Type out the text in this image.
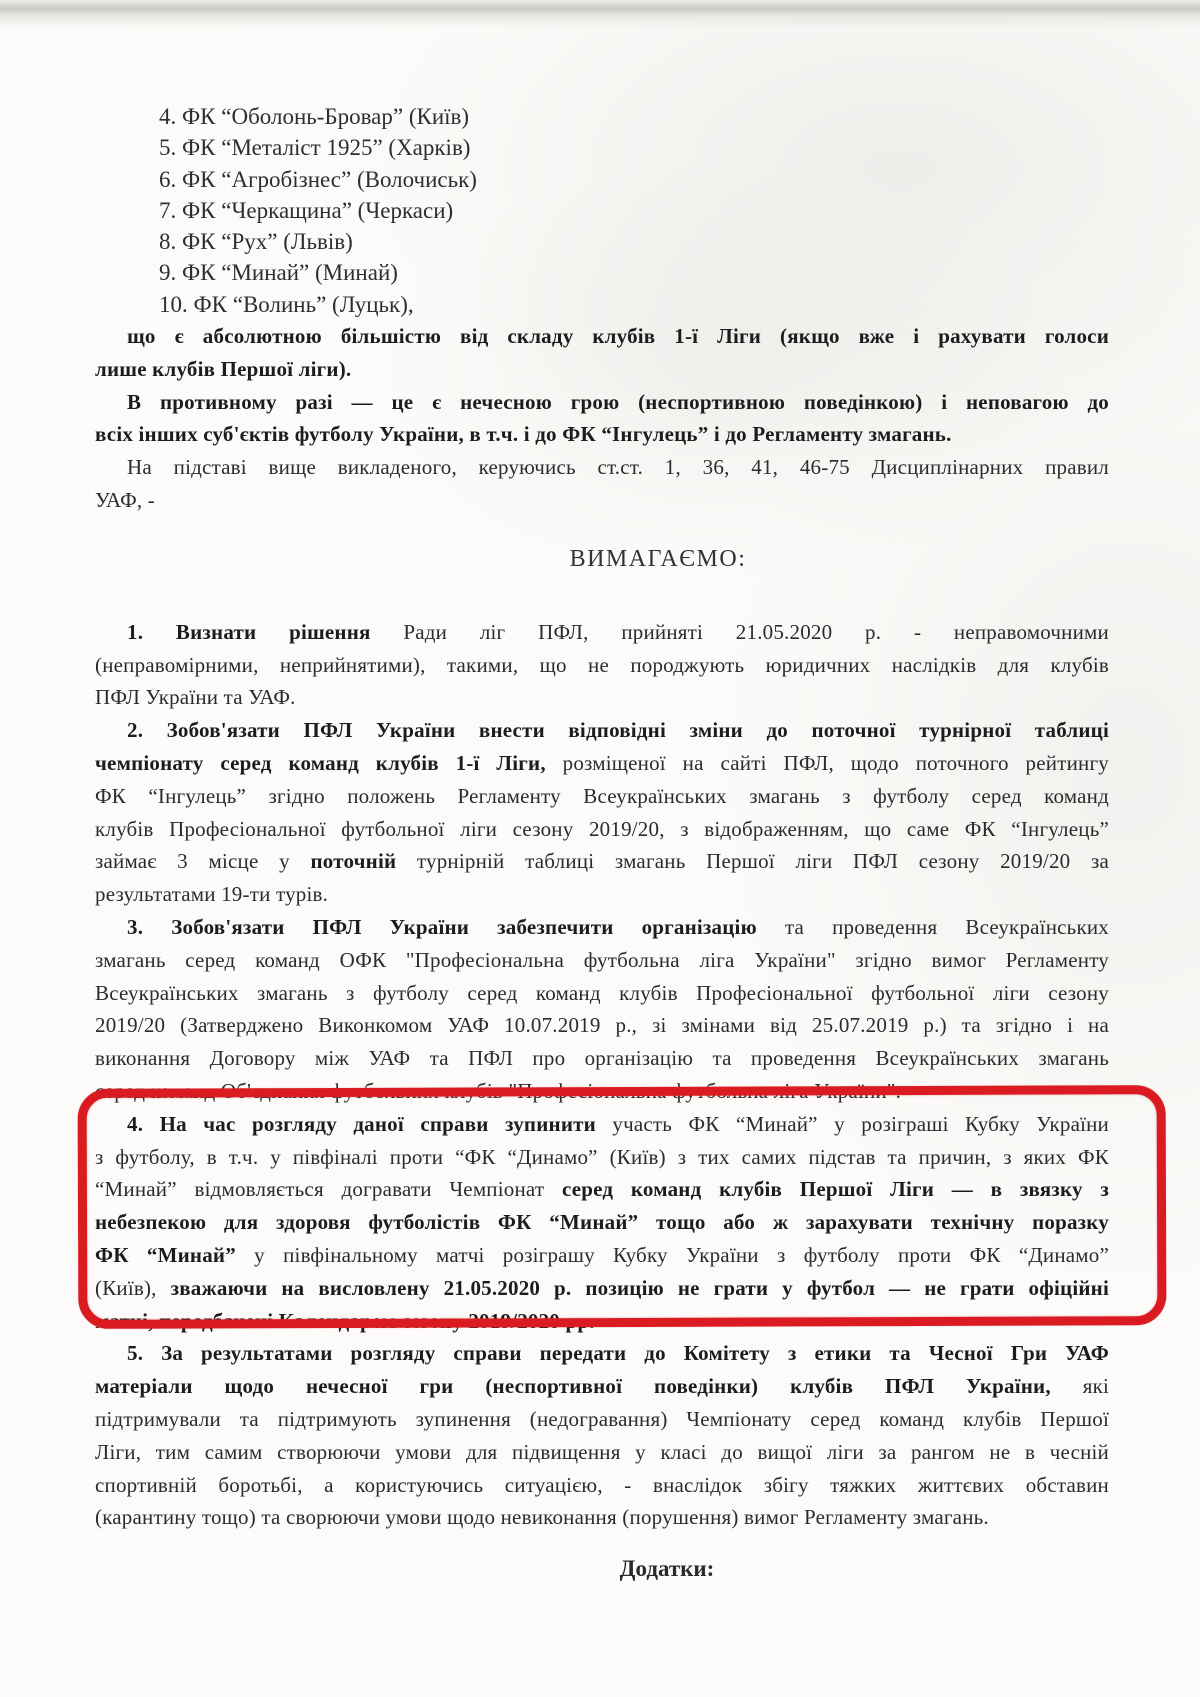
4. ФК “Оболонь-Бровар” (Київ)
5. ФК “Металіст 1925” (Харків)
6. ФК “Агробізнес” (Волочиськ)
7. ФК “Черкащина” (Черкаси)
8. ФК “Рух” (Львів)
9. ФК “Минай” (Минай)
10. ФК “Волинь” (Луцьк),
що є абсолютною більшістю від складу клубів 1-ї Ліги (якщо вже і рахувати голоси
лише клубів Першої ліги).
В противному разі — це є нечесною грою (неспортивною поведінкою) і неповагою до
всіх інших суб'єктів футболу України, в т.ч. і до ФК “Інгулець” і до Регламенту змагань.
На підставі вище викладеного, керуючись ст.ст. 1, 36, 41, 46-75 Дисциплінарних правил
УАФ, -
ВИМАГАЄМО:
1. Визнати рішення Ради ліг ПФЛ, прийняті 21.05.2020 р. - неправомочними
(неправомірними, неприйнятими), такими, що не породжують юридичних наслідків для клубів
ПФЛ України та УАФ.
2. Зобов'язати ПФЛ України внести відповідні зміни до поточної турнірної таблиці
чемпіонату серед команд клубів 1-ї Ліги, розміщеної на сайті ПФЛ, щодо поточного рейтингу
ФК “Інгулець” згідно положень Регламенту Всеукраїнських змагань з футболу серед команд
клубів Професіональної футбольної ліги сезону 2019/20, з відображенням, що саме ФК “Інгулець”
займає 3 місце у поточній турнірній таблиці змагань Першої ліги ПФЛ сезону 2019/20 за
результатами 19-ти турів.
3. Зобов'язати ПФЛ України забезпечити організацію та проведення Всеукраїнських
змагань серед команд ОФК "Професіональна футбольна ліга України" згідно вимог Регламенту
Всеукраїнських змагань з футболу серед команд клубів Професіональної футбольної ліги сезону
2019/20 (Затверджено Виконкомом УАФ 10.07.2019 р., зі змінами від 25.07.2019 р.) та згідно і на
виконання Договору між УАФ та ПФЛ про організацію та проведення Всеукраїнських змагань
серед команд Об'єднання футбольних клубів "Професіональна футбольна ліга України".
4. На час розгляду даної справи зупинити участь ФК “Минай” у розіграші Кубку України
з футболу, в т.ч. у півфіналі проти “ФК “Динамо” (Київ) з тих самих підстав та причин, з яких ФК
“Минай” відмовляється догравати Чемпіонат серед команд клубів Першої Ліги — в звязку з
небезпекою для здоровя футболістів ФК “Минай” тощо або ж зарахувати технічну поразку
ФК “Минай” у півфінальному матчі розіграшу Кубку України з футболу проти ФК “Динамо”
(Київ), зважаючи на висловлену 21.05.2020 р. позицію не грати у футбол — не грати офіційні
матчі, передбачені Календарем сезону 2019/2020 рр.
5. За результатами розгляду справи передати до Комітету з етики та Чесної Гри УАФ
матеріали щодо нечесної гри (неспортивної поведінки) клубів ПФЛ України, які
підтримували та підтримують зупинення (недогравання) Чемпіонату серед команд клубів Першої
Ліги, тим самим створюючи умови для підвищення у класі до вищої ліги за рангом не в чесній
спортивній боротьбі, а користуючись ситуацією, - внаслідок збігу тяжких життєвих обставин
(карантину тощо) та сворюючи умови щодо невиконання (порушення) вимог Регламенту змагань.
Додатки:
